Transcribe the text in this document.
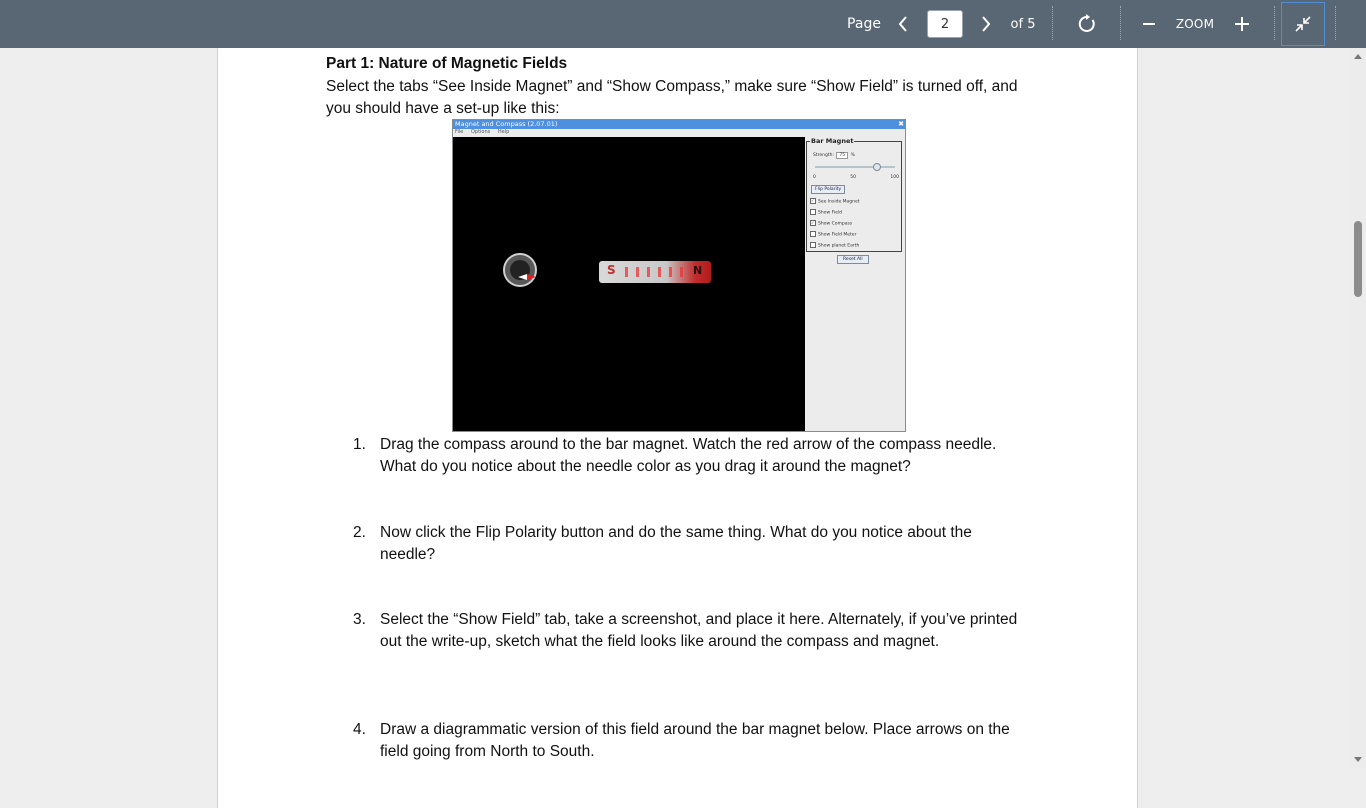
Page
2	of 5	ZOOM
Part 1: Nature of Magnetic Fields
Select the tabs “See Inside Magnet” and “Show Compass,” make sure “Show Field” is turned off, and you should have a set-up like this:
Magnet and Compass (2.07.01)	✖
File Options Help
S	N
Bar Magnet
Strength: 75 %
0	50	100
Flip Polarity
✓ See Inside Magnet
Show Field
✓ Show Compass
Show Field Meter
Show planet Earth
Reset All
1. Drag the compass around to the bar magnet. Watch the red arrow of the compass needle. What do you notice about the needle color as you drag it around the magnet?
2. Now click the Flip Polarity button and do the same thing. What do you notice about the needle?
3. Select the “Show Field” tab, take a screenshot, and place it here. Alternately, if you’ve printed out the write-up, sketch what the field looks like around the compass and magnet.
4. Draw a diagrammatic version of this field around the bar magnet below. Place arrows on the field going from North to South.
